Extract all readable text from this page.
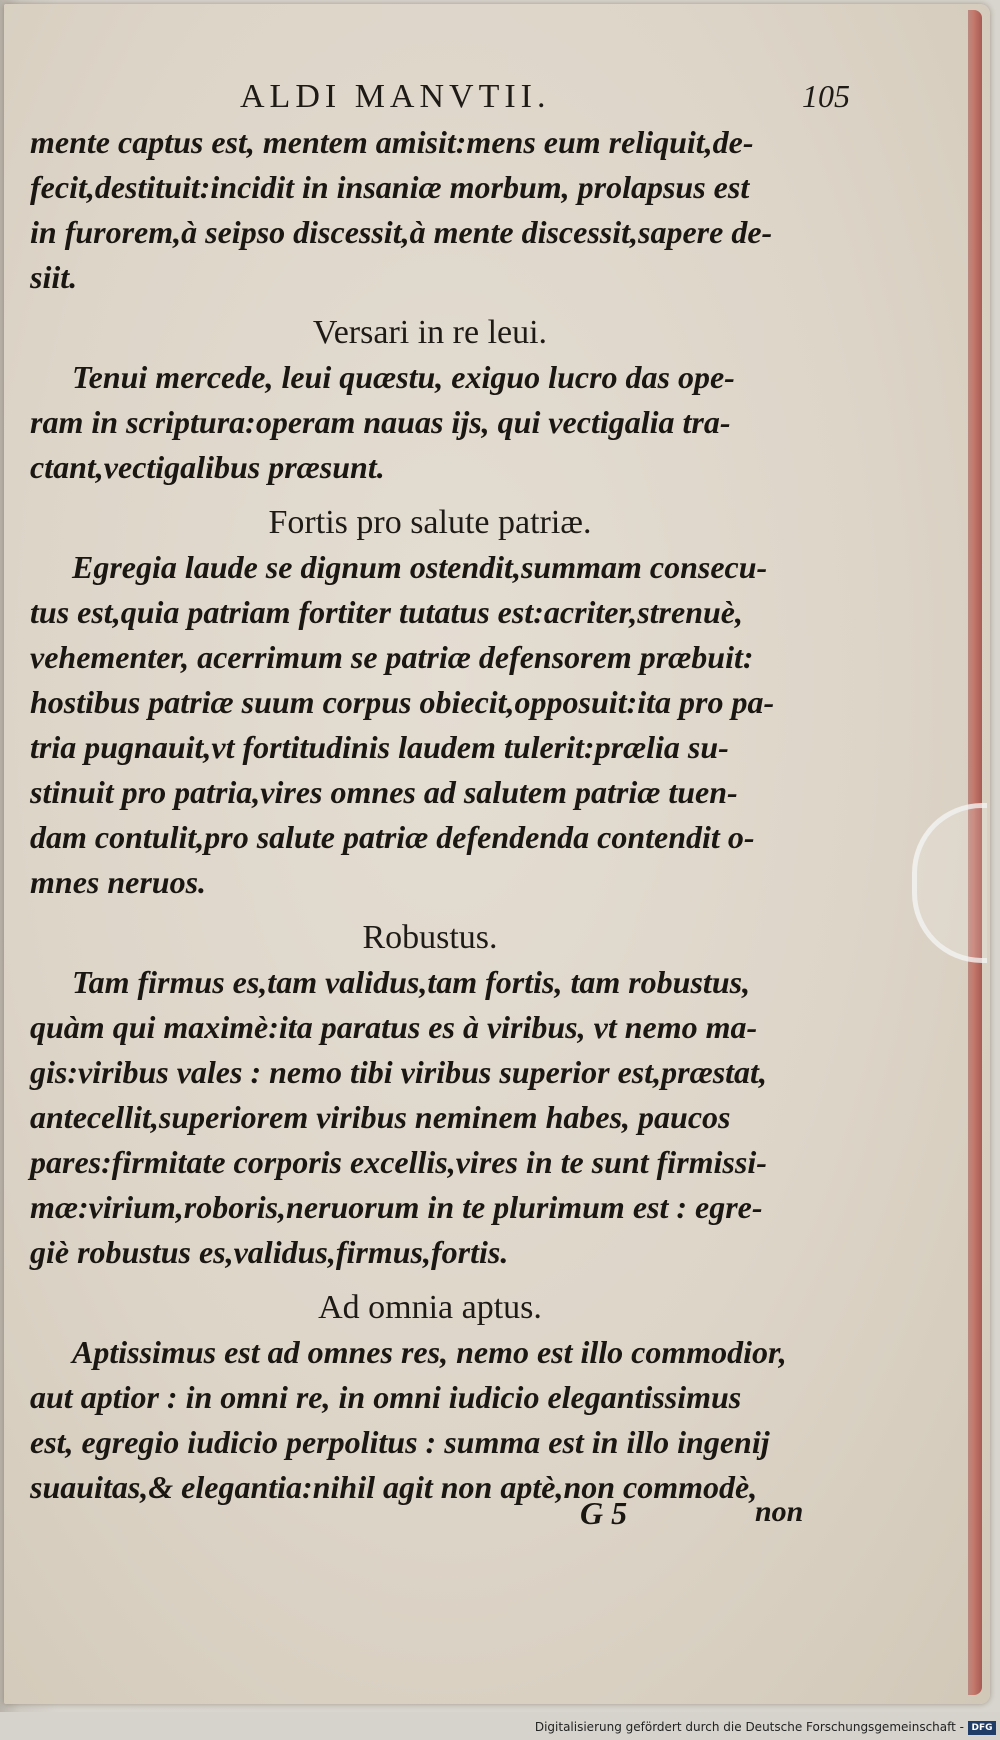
ALDI MANVTII.	105
mente captus est, mentem amisit:mens eum reliquit,de-
fecit,destituit:incidit in insaniæ morbum, prolapsus est
in furorem,à seipso discessit,à mente discessit,sapere de-
siit.
Versari in re leui.
Tenui mercede, leui quæstu, exiguo lucro das ope-
ram in scriptura:operam nauas ijs, qui vectigalia tra-
ctant,vectigalibus præsunt.
Fortis pro salute patriæ.
Egregia laude se dignum ostendit,summam consecu-
tus est,quia patriam fortiter tutatus est:acriter,strenuè,
vehementer, acerrimum se patriæ defensorem præbuit:
hostibus patriæ suum corpus obiecit,opposuit:ita pro pa-
tria pugnauit,vt fortitudinis laudem tulerit:prælia su-
stinuit pro patria,vires omnes ad salutem patriæ tuen-
dam contulit,pro salute patriæ defendenda contendit o-
mnes neruos.
Robustus.
Tam firmus es,tam validus,tam fortis, tam robustus,
quàm qui maximè:ita paratus es à viribus, vt nemo ma-
gis:viribus vales : nemo tibi viribus superior est,præstat,
antecellit,superiorem viribus neminem habes, paucos
pares:firmitate corporis excellis,vires in te sunt firmissi-
mæ:virium,roboris,neruorum in te plurimum est : egre-
giè robustus es,validus,firmus,fortis.
Ad omnia aptus.
Aptissimus est ad omnes res, nemo est illo commodior,
aut aptior : in omni re, in omni iudicio elegantissimus
est, egregio iudicio perpolitus : summa est in illo ingenij
suauitas,& elegantia:nihil agit non aptè,non commodè,
G 5	non
Digitalisierung gefördert durch die Deutsche Forschungsgemeinschaft - DFG
